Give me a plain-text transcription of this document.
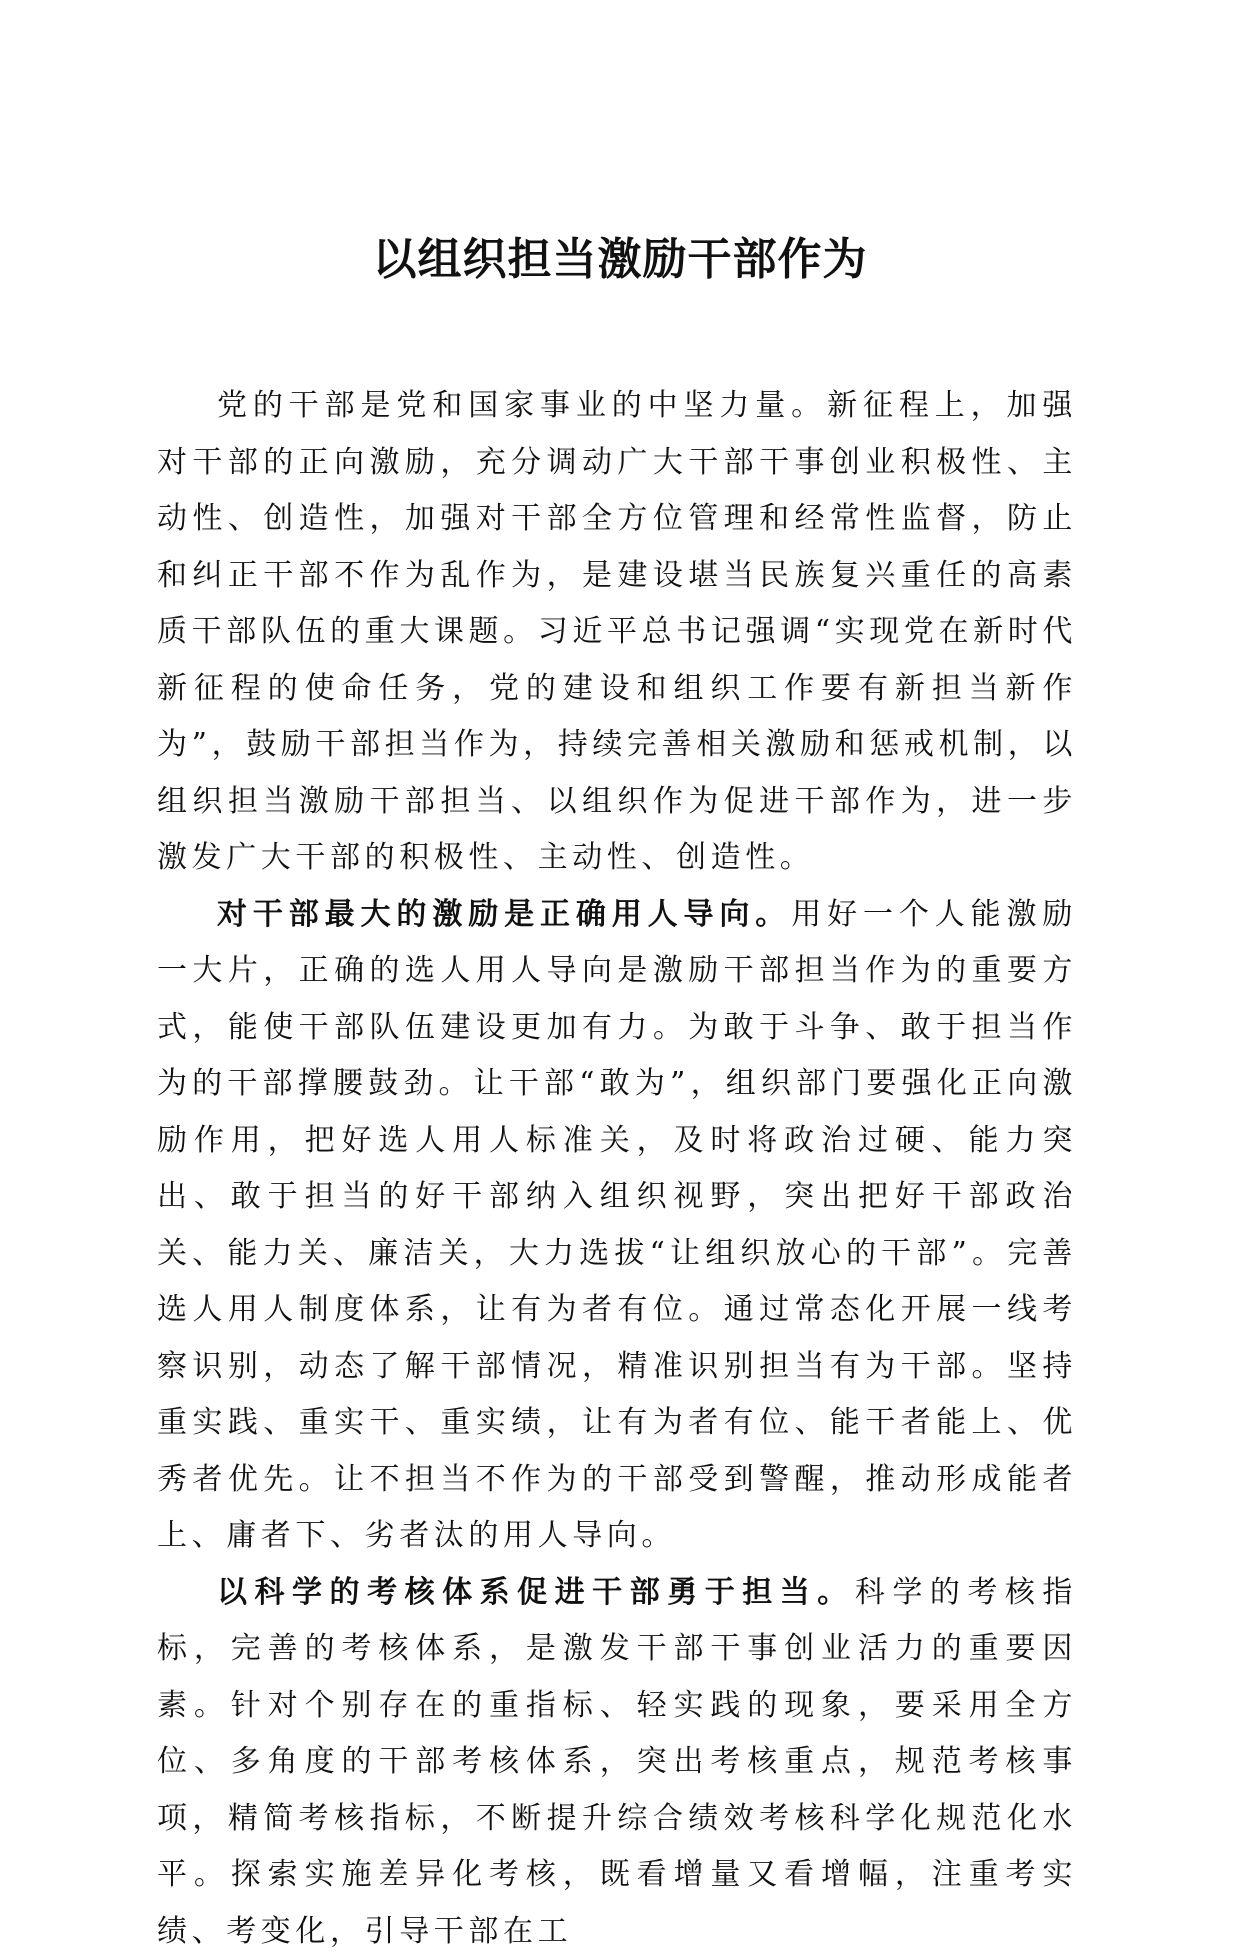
以组织担当激励干部作为

党的干部是党和国家事业的中坚力量。新征程上，加强对干部的正向激励，充分调动广大干部干事创业积极性、主动性、创造性，加强对干部全方位管理和经常性监督，防止和纠正干部不作为乱作为，是建设堪当民族复兴重任的高素质干部队伍的重大课题。习近平总书记强调“实现党在新时代新征程的使命任务，党的建设和组织工作要有新担当新作为”，鼓励干部担当作为，持续完善相关激励和惩戒机制，以组织担当激励干部担当、以组织作为促进干部作为，进一步激发广大干部的积极性、主动性、创造性。

对干部最大的激励是正确用人导向。用好一个人能激励一大片，正确的选人用人导向是激励干部担当作为的重要方式，能使干部队伍建设更加有力。为敢于斗争、敢于担当作为的干部撑腰鼓劲。让干部“敢为”，组织部门要强化正向激励作用，把好选人用人标准关，及时将政治过硬、能力突出、敢于担当的好干部纳入组织视野，突出把好干部政治关、能力关、廉洁关，大力选拔“让组织放心的干部”。完善选人用人制度体系，让有为者有位。通过常态化开展一线考察识别，动态了解干部情况，精准识别担当有为干部。坚持重实践、重实干、重实绩，让有为者有位、能干者能上、优秀者优先。让不担当不作为的干部受到警醒，推动形成能者上、庸者下、劣者汰的用人导向。

以科学的考核体系促进干部勇于担当。科学的考核指标，完善的考核体系，是激发干部干事创业活力的重要因素。针对个别存在的重指标、轻实践的现象，要采用全方位、多角度的干部考核体系，突出考核重点，规范考核事项，精简考核指标，不断提升综合绩效考核科学化规范化水平。探索实施差异化考核，既看增量又看增幅，注重考实绩、考变化，引导干部在工
